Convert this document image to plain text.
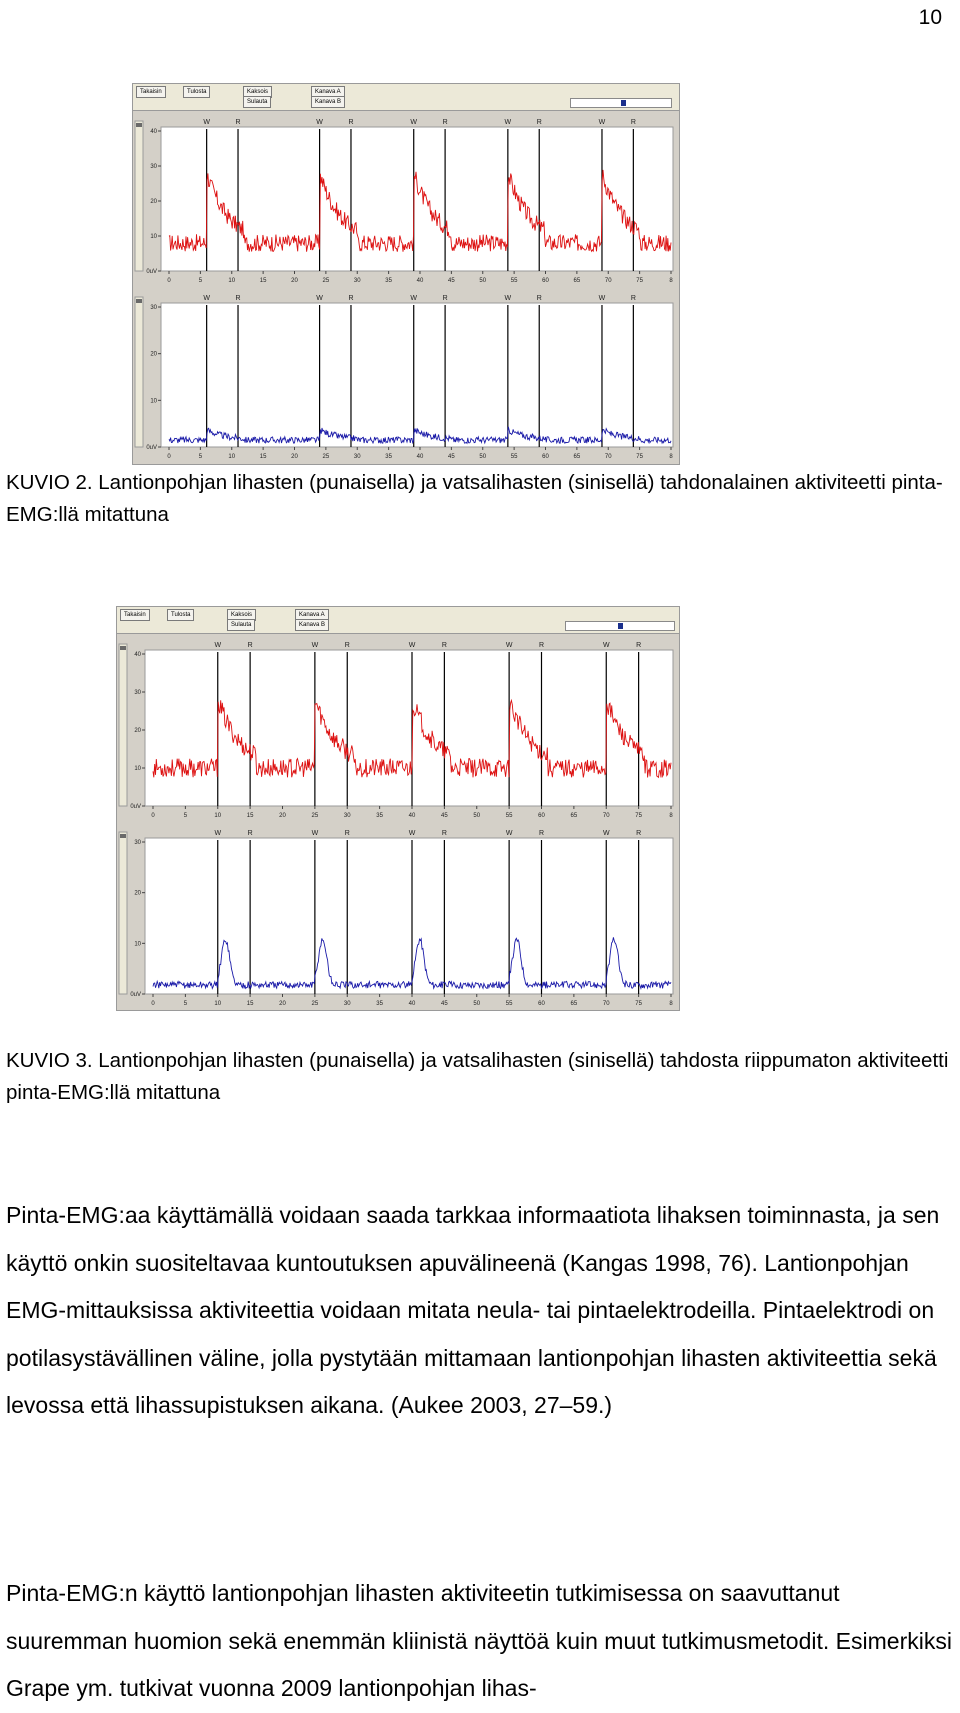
10
Takaisin	Tulosta	Kaksois
Sulauta
Kanava A
Kanava B
0uV
10
20
30
40
W	R	W	R	W	R	W	R	W	R
0	5	10	15	20	25	30	35	40	45	50	55	60	65	70	75	8
0uV
10
20
30
W	R	W	R	W	R	W	R	W	R
0	5	10	15	20	25	30	35	40	45	50	55	60	65	70	75	8
KUVIO 2. Lantionpohjan lihasten (punaisella) ja vatsalihasten (sinisellä) tahdonalainen aktiviteetti pinta-EMG:llä mitattuna
Takaisin	Tulosta	Kaksois
Sulauta
Kanava A
Kanava B
0uV
10
20
30
40
W	R	W	R	W	R	W	R	W	R
0	5	10	15	20	25	30	35	40	45	50	55	60	65	70	75	8
0uV
10
20
30
W	R	W	R	W	R	W	R	W	R
0	5	10	15	20	25	30	35	40	45	50	55	60	65	70	75	8
KUVIO 3. Lantionpohjan lihasten (punaisella) ja vatsalihasten (sinisellä) tahdosta riippumaton aktiviteetti pinta-EMG:llä mitattuna
Pinta-EMG:aa käyttämällä voidaan saada tarkkaa informaatiota lihaksen toiminnasta, ja sen käyttö onkin suositeltavaa kuntoutuksen apuvälineenä (Kangas 1998, 76). Lantionpohjan EMG-mittauksissa aktiviteettia voidaan mitata neula- tai pintaelektrodeilla. Pintaelektrodi on potilasystävällinen väline, jolla pystytään mittamaan lantionpohjan lihasten aktiviteettia sekä levossa että lihassupistuksen aikana. (Aukee 2003, 27–59.)
Pinta-EMG:n käyttö lantionpohjan lihasten aktiviteetin tutkimisessa on saavuttanut suuremman huomion sekä enemmän kliinistä näyttöä kuin muut tutkimusmetodit. Esimerkiksi Grape ym. tutkivat vuonna 2009 lantionpohjan lihas-
